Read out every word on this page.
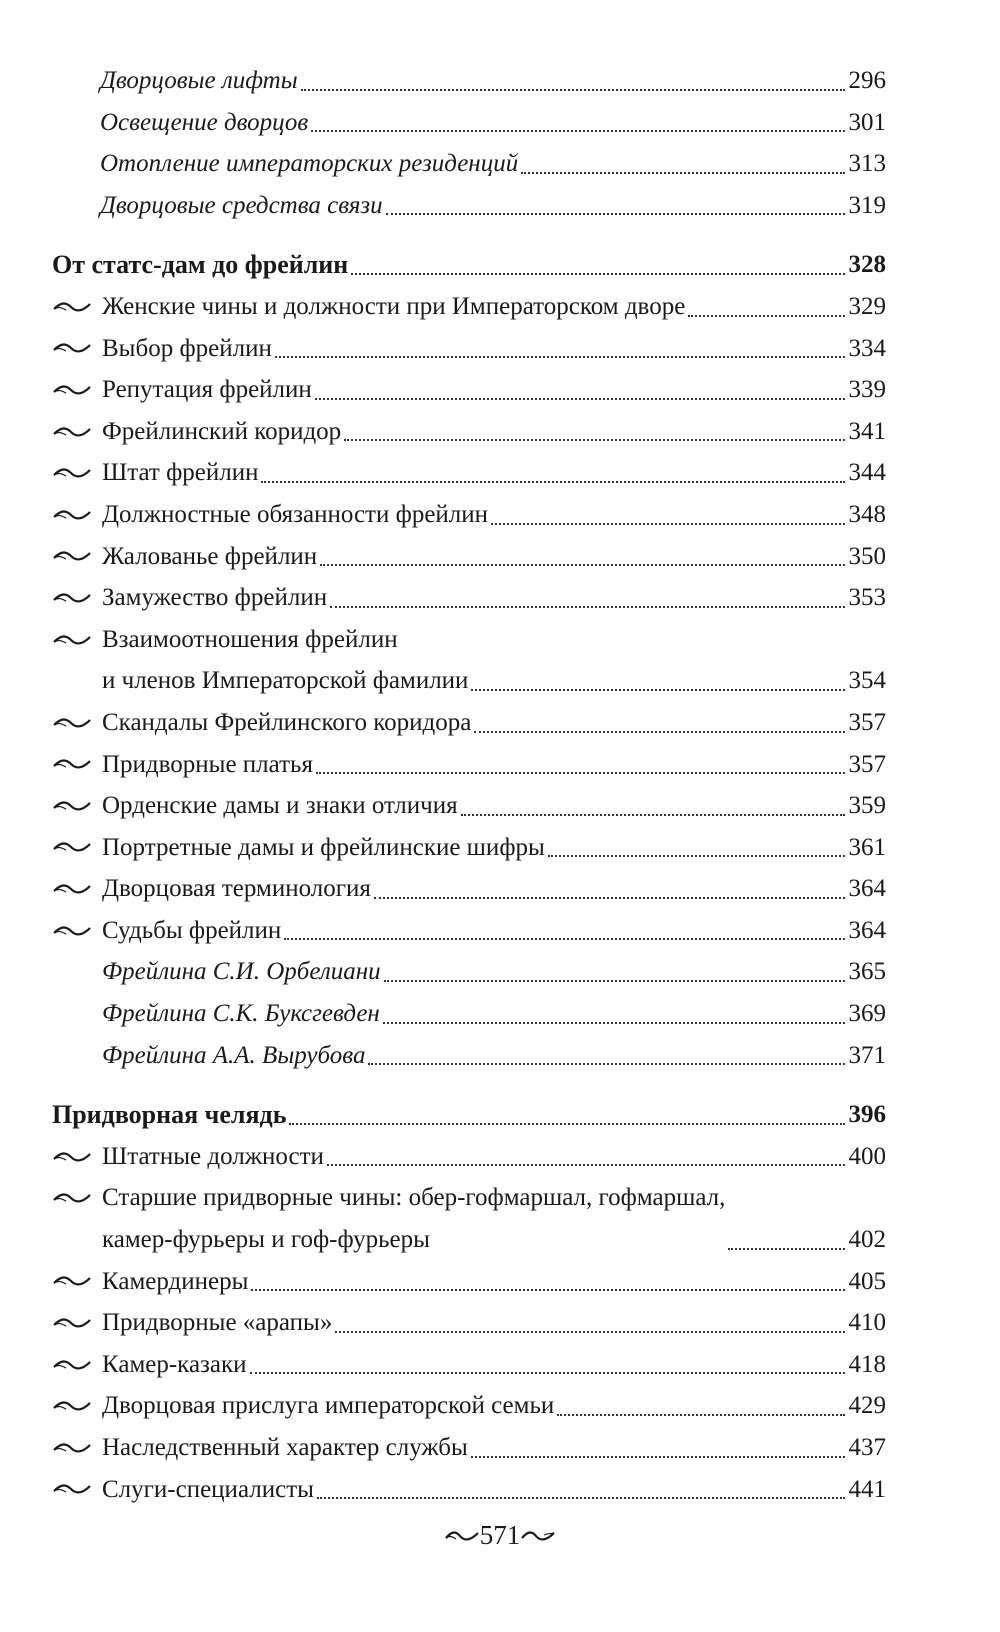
Дворцовые лифты	296
Освещение дворцов	301
Отопление императорских резиденций	313
Дворцовые средства связи	319
От статс-дам до фрейлин	328
Женские чины и должности при Императорском дворе	329
Выбор фрейлин	334
Репутация фрейлин	339
Фрейлинский коридор	341
Штат фрейлин	344
Должностные обязанности фрейлин	348
Жалованье фрейлин	350
Замужество фрейлин	353
Взаимоотношения фрейлин
и членов Императорской фамилии	354
Скандалы Фрейлинского коридора	357
Придворные платья	357
Орденские дамы и знаки отличия	359
Портретные дамы и фрейлинские шифры	361
Дворцовая терминология	364
Судьбы фрейлин	364
Фрейлина С.И. Орбелиани	365
Фрейлина С.К. Буксгевден	369
Фрейлина А.А. Вырубова	371
Придворная челядь	396
Штатные должности	400
Старшие придворные чины: обер-гофмаршал, гофмаршал,
камер-фурьеры и гоф-фурьеры	402
Камердинеры	405
Придворные «арапы»	410
Камер-казаки	418
Дворцовая прислуга императорской семьи	429
Наследственный характер службы	437
Слуги-специалисты	441
571
